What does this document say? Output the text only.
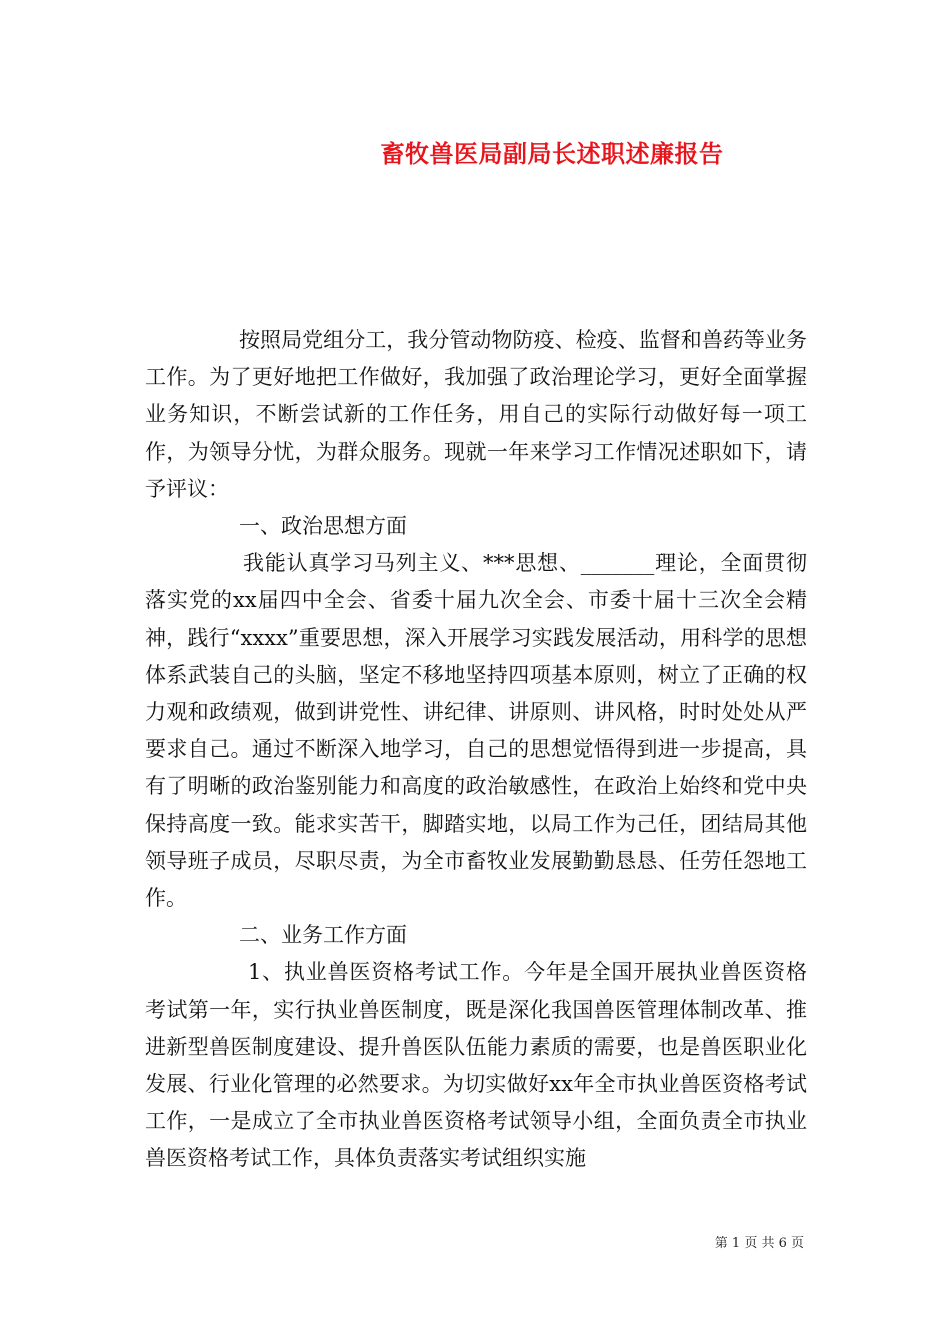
畜牧兽医局副局长述职述廉报告

按照局党组分工，我分管动物防疫、检疫、监督和兽药等业务工作。为了更好地把工作做好，我加强了政治理论学习，更好全面掌握业务知识，不断尝试新的工作任务，用自己的实际行动做好每一项工作，为领导分忧，为群众服务。现就一年来学习工作情况述职如下，请予评议：

一、政治思想方面

我能认真学习马列主义、***思想、_______理论，全面贯彻落实党的xx届四中全会、省委十届九次全会、市委十届十三次全会精神，践行“xxxx”重要思想，深入开展学习实践发展活动，用科学的思想体系武装自己的头脑，坚定不移地坚持四项基本原则，树立了正确的权力观和政绩观，做到讲党性、讲纪律、讲原则、讲风格，时时处处从严要求自己。通过不断深入地学习，自己的思想觉悟得到进一步提高，具有了明晰的政治鉴别能力和高度的政治敏感性，在政治上始终和党中央保持高度一致。能求实苦干，脚踏实地，以局工作为己任，团结局其他领导班子成员，尽职尽责，为全市畜牧业发展勤勤恳恳、任劳任怨地工作。

二、业务工作方面

1、执业兽医资格考试工作。今年是全国开展执业兽医资格考试第一年，实行执业兽医制度，既是深化我国兽医管理体制改革、推进新型兽医制度建设、提升兽医队伍能力素质的需要，也是兽医职业化发展、行业化管理的必然要求。为切实做好xx年全市执业兽医资格考试工作，一是成立了全市执业兽医资格考试领导小组，全面负责全市执业兽医资格考试工作，具体负责落实考试组织实施

第 1 页 共 6 页
